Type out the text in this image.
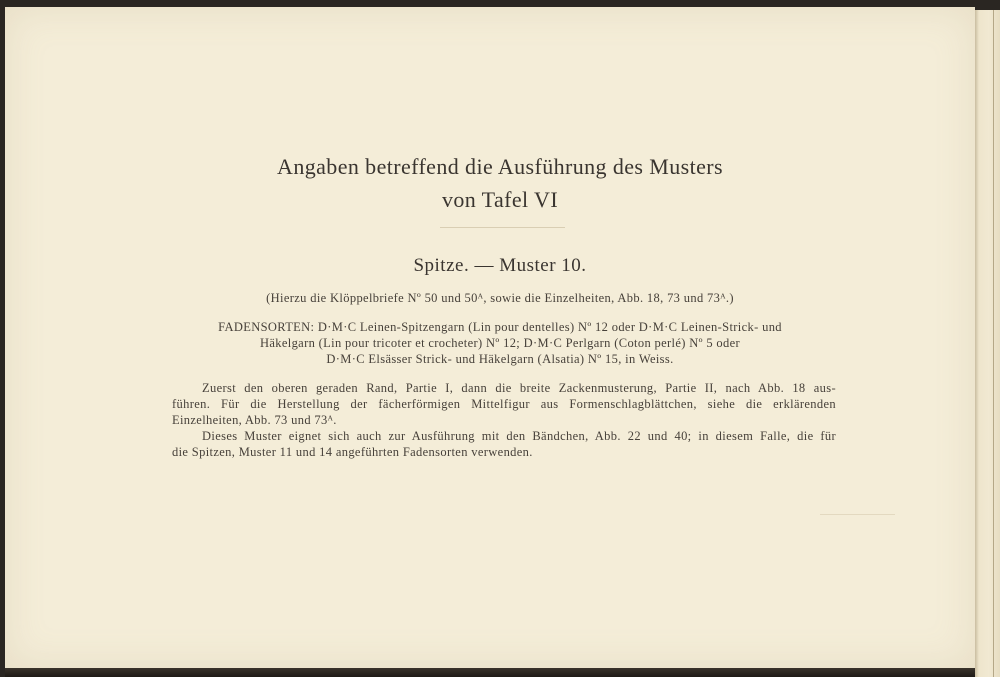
Angaben betreffend die Ausführung des Musters
von Tafel VI
Spitze. — Muster 10.
(Hierzu die Klöppelbriefe Nº 50 und 50ᴬ, sowie die Einzelheiten, Abb. 18, 73 und 73ᴬ.)
FADENSORTEN: D·M·C Leinen-Spitzengarn (Lin pour dentelles) Nº 12 oder D·M·C Leinen-Strick- und
Häkelgarn (Lin pour tricoter et crocheter) Nº 12; D·M·C Perlgarn (Coton perlé) Nº 5 oder
D·M·C Elsässer Strick- und Häkelgarn (Alsatia) Nº 15, in Weiss.
Zuerst den oberen geraden Rand, Partie I, dann die breite Zackenmusterung, Partie II, nach Abb. 18 aus-
führen. Für die Herstellung der fächerförmigen Mittelfigur aus Formenschlagblättchen, siehe die erklärenden
Einzelheiten, Abb. 73 und 73ᴬ.
Dieses Muster eignet sich auch zur Ausführung mit den Bändchen, Abb. 22 und 40; in diesem Falle, die für
die Spitzen, Muster 11 und 14 angeführten Fadensorten verwenden.
